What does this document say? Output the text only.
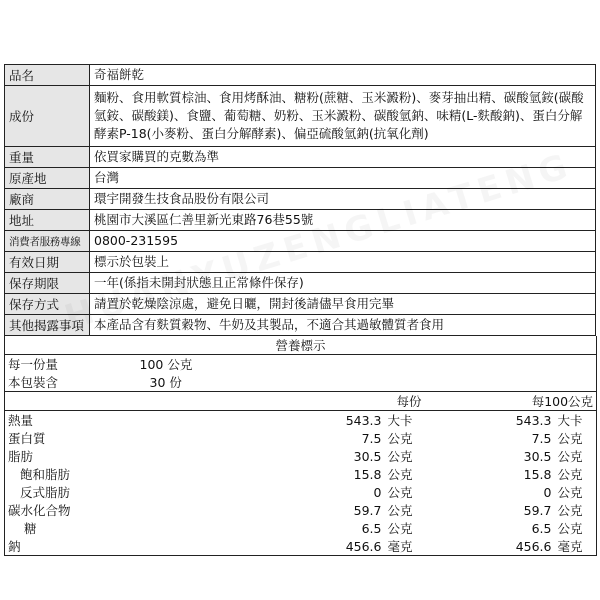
品名	奇福餅乾
成份	麵粉、食用軟質棕油、食用烤酥油、糖粉(蔗糖、玉米澱粉)、麥芽抽出精、碳酸氫銨(碳酸氫銨、碳酸鎂)、食鹽、葡萄糖、奶粉、玉米澱粉、碳酸氫鈉、味精(L-麩酸鈉)、蛋白分解酵素P-18(小麥粉、蛋白分解酵素)、偏亞硫酸氫鈉(抗氧化劑)
重量	依買家購買的克數為準
原產地	台灣
廠商	環宇開發生技食品股份有限公司
地址	桃園市大溪區仁善里新光東路76巷55號
消費者服務專線	0800-231595
有效日期	標示於包裝上
保存期限	一年(係指未開封狀態且正常條件保存)
保存方式	請置於乾燥陰涼處，避免日曬，開封後請儘早食用完畢
其他揭露事項	本產品含有麩質穀物、牛奶及其製品，不適合其過敏體質者食用
營養標示				
每一份量	100 公克			
本包裝含	30 份			
	每份		每100公克	
熱量	543.3	大卡	543.3	大卡
蛋白質	7.5	公克	7.5	公克
脂肪	30.5	公克	30.5	公克
飽和脂肪	15.8	公克	15.8	公克
反式脂肪	0	公克	0	公克
碳水化合物	59.7	公克	59.7	公克
糖	6.5	公克	6.5	公克
鈉	456.6	毫克	456.6	毫克
